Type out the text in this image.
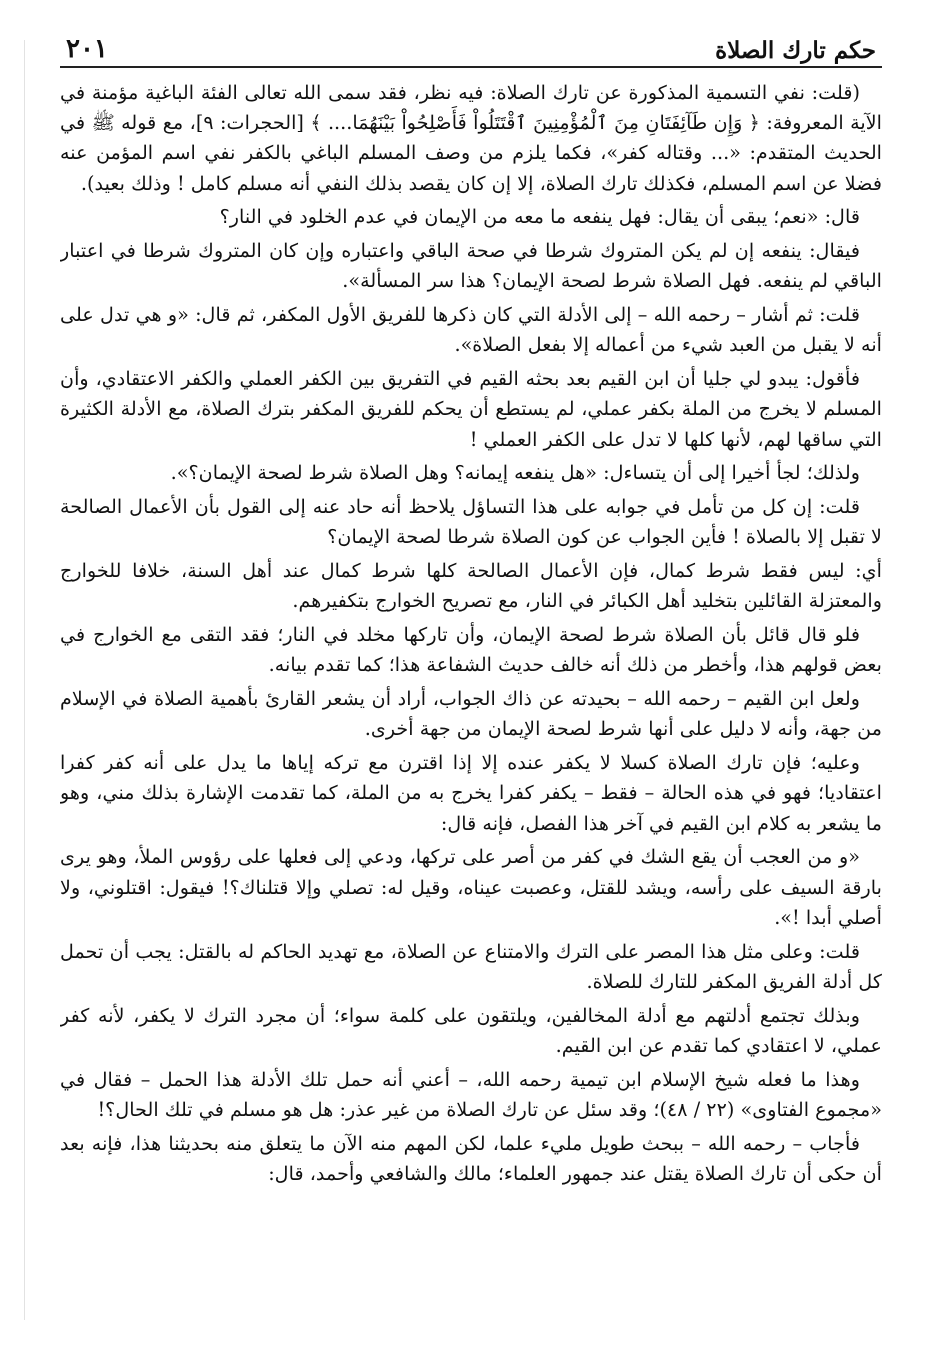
حكم تارك الصلاة
٢٠١

(قلت: نفي التسمية المذكورة عن تارك الصلاة: فيه نظر، فقد سمى الله تعالى الفئة الباغية مؤمنة في الآية المعروفة: ﴿ وَإِن طَآئِفَتَانِ مِنَ ٱلْمُؤْمِنِينَ ٱقْتَتَلُواْ فَأَصْلِحُواْ بَيْنَهُمَا.... ﴾ [الحجرات: ٩]، مع قوله ﷺ في الحديث المتقدم: «... وقتاله كفر»، فكما يلزم من وصف المسلم الباغي بالكفر نفي اسم المؤمن عنه فضلا عن اسم المسلم، فكذلك تارك الصلاة، إلا إن كان يقصد بذلك النفي أنه مسلم كامل ! وذلك بعيد).

قال: «نعم؛ يبقى أن يقال: فهل ينفعه ما معه من الإيمان في عدم الخلود في النار؟

فيقال: ينفعه إن لم يكن المتروك شرطا في صحة الباقي واعتباره وإن كان المتروك شرطا في اعتبار الباقي لم ينفعه. فهل الصلاة شرط لصحة الإيمان؟ هذا سر المسألة».

قلت: ثم أشار – رحمه الله – إلى الأدلة التي كان ذكرها للفريق الأول المكفر، ثم قال: «و هي تدل على أنه لا يقبل من العبد شيء من أعماله إلا بفعل الصلاة».

فأقول: يبدو لي جليا أن ابن القيم بعد بحثه القيم في التفريق بين الكفر العملي والكفر الاعتقادي، وأن المسلم لا يخرج من الملة بكفر عملي، لم يستطع أن يحكم للفريق المكفر بترك الصلاة، مع الأدلة الكثيرة التي ساقها لهم، لأنها كلها لا تدل على الكفر العملي !

ولذلك؛ لجأ أخيرا إلى أن يتساءل: «هل ينفعه إيمانه؟ وهل الصلاة شرط لصحة الإيمان؟».

قلت: إن كل من تأمل في جوابه على هذا التساؤل يلاحظ أنه حاد عنه إلى القول بأن الأعمال الصالحة لا تقبل إلا بالصلاة ! فأين الجواب عن كون الصلاة شرطا لصحة الإيمان؟

أي: ليس فقط شرط كمال، فإن الأعمال الصالحة كلها شرط كمال عند أهل السنة، خلافا للخوارج والمعتزلة القائلين بتخليد أهل الكبائر في النار، مع تصريح الخوارج بتكفيرهم.

فلو قال قائل بأن الصلاة شرط لصحة الإيمان، وأن تاركها مخلد في النار؛ فقد التقى مع الخوارج في بعض قولهم هذا، وأخطر من ذلك أنه خالف حديث الشفاعة هذا؛ كما تقدم بيانه.

ولعل ابن القيم – رحمه الله – بحيدته عن ذاك الجواب، أراد أن يشعر القارئ بأهمية الصلاة في الإسلام من جهة، وأنه لا دليل على أنها شرط لصحة الإيمان من جهة أخرى.

وعليه؛ فإن تارك الصلاة كسلا لا يكفر عنده إلا إذا اقترن مع تركه إياها ما يدل على أنه كفر كفرا اعتقاديا؛ فهو في هذه الحالة – فقط – يكفر كفرا يخرج به من الملة، كما تقدمت الإشارة بذلك مني، وهو ما يشعر به كلام ابن القيم في آخر هذا الفصل، فإنه قال:

«و من العجب أن يقع الشك في كفر من أصر على تركها، ودعي إلى فعلها على رؤوس الملأ، وهو يرى بارقة السيف على رأسه، ويشد للقتل، وعصبت عيناه، وقيل له: تصلي وإلا قتلناك؟! فيقول: اقتلوني، ولا أصلي أبدا !».

قلت: وعلى مثل هذا المصر على الترك والامتناع عن الصلاة، مع تهديد الحاكم له بالقتل: يجب أن تحمل كل أدلة الفريق المكفر للتارك للصلاة.

وبذلك تجتمع أدلتهم مع أدلة المخالفين، ويلتقون على كلمة سواء؛ أن مجرد الترك لا يكفر، لأنه كفر عملي، لا اعتقادي كما تقدم عن ابن القيم.

وهذا ما فعله شيخ الإسلام ابن تيمية رحمه الله، – أعني أنه حمل تلك الأدلة هذا الحمل – فقال في «مجموع الفتاوى» (٢٢ / ٤٨)؛ وقد سئل عن تارك الصلاة من غير عذر: هل هو مسلم في تلك الحال؟!

فأجاب – رحمه الله – ببحث طويل مليء علما، لكن المهم منه الآن ما يتعلق منه بحديثنا هذا، فإنه بعد أن حكى أن تارك الصلاة يقتل عند جمهور العلماء؛ مالك والشافعي وأحمد، قال:
